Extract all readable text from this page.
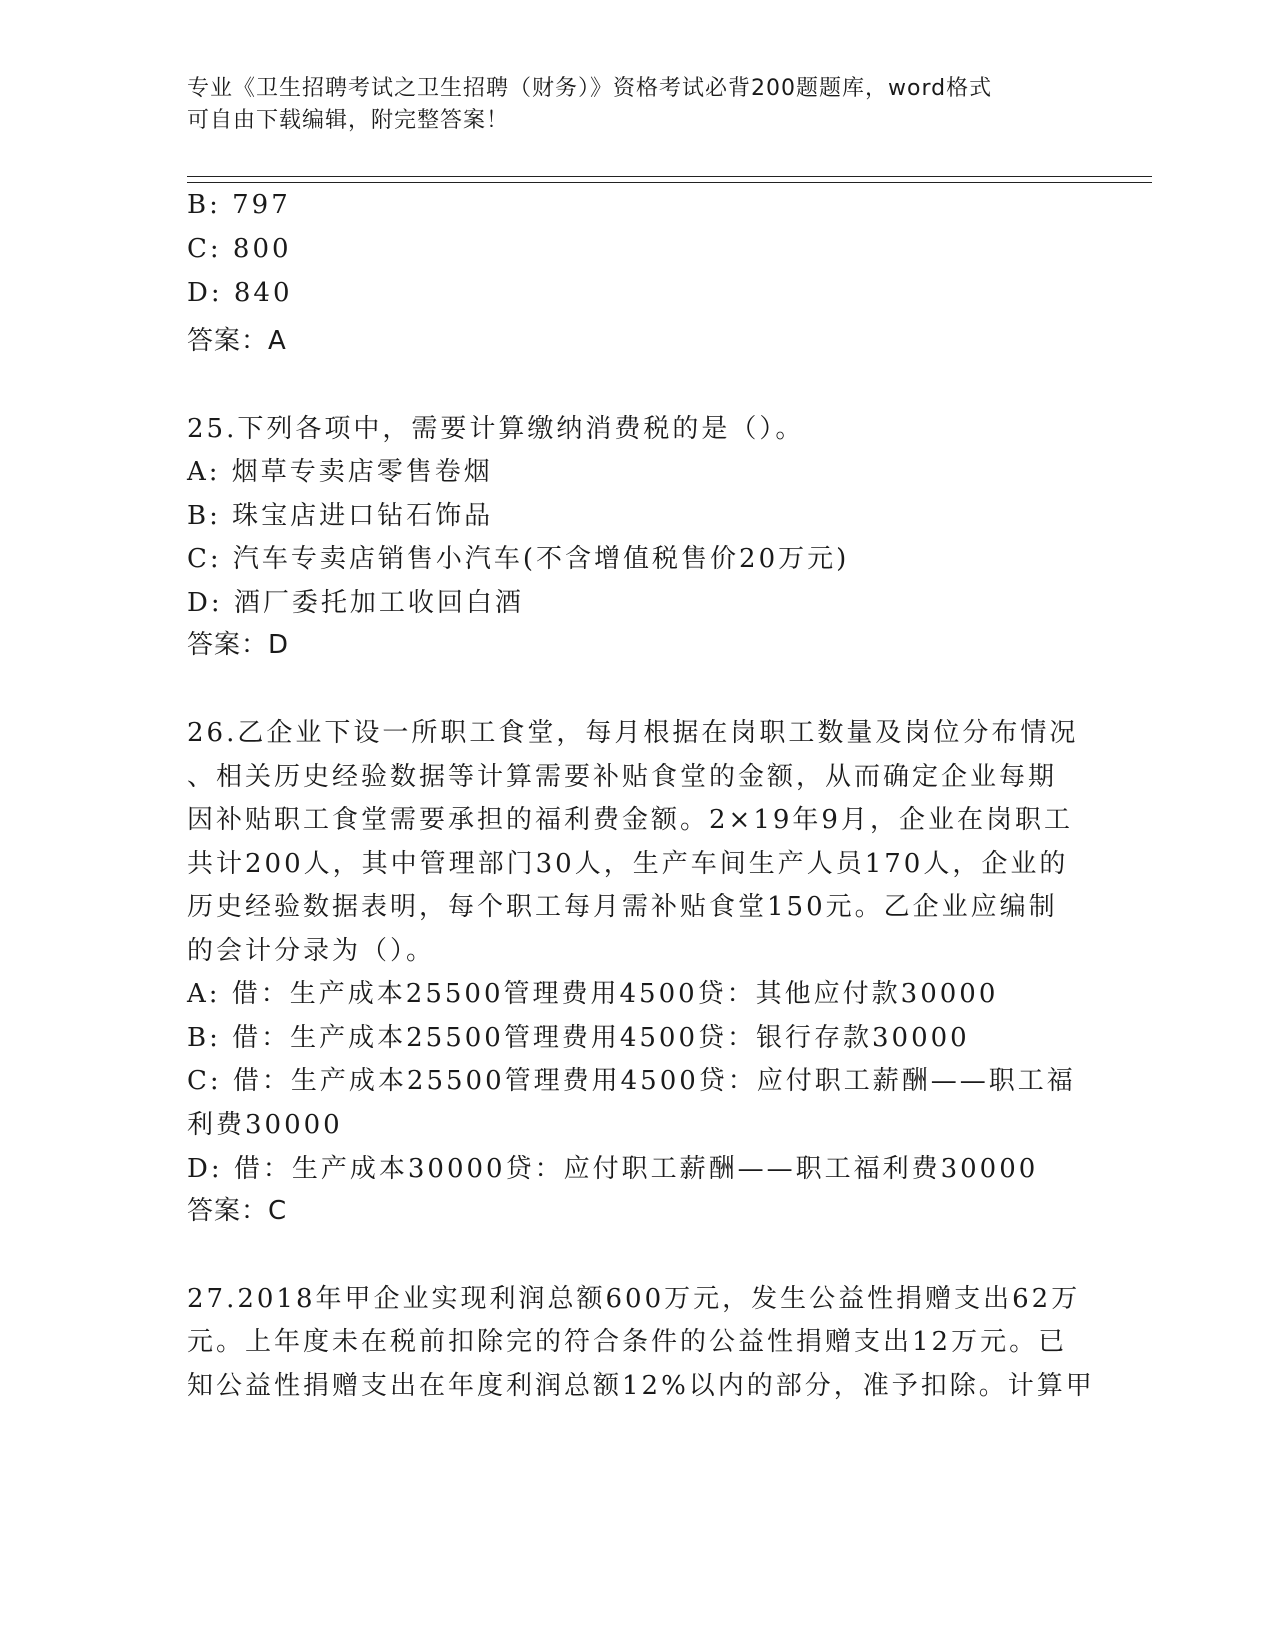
专业《卫生招聘考试之卫生招聘（财务）》资格考试必背200题题库，word格式
可自由下载编辑，附完整答案！
B: 797
C: 800
D: 840
答案：A
25.下列各项中，需要计算缴纳消费税的是（）。
A: 烟草专卖店零售卷烟
B: 珠宝店进口钻石饰品
C: 汽车专卖店销售小汽车(不含增值税售价20万元)
D: 酒厂委托加工收回白酒
答案：D
26.乙企业下设一所职工食堂，每月根据在岗职工数量及岗位分布情况
、相关历史经验数据等计算需要补贴食堂的金额，从而确定企业每期
因补贴职工食堂需要承担的福利费金额。2×19年9月，企业在岗职工
共计200人，其中管理部门30人，生产车间生产人员170人，企业的
历史经验数据表明，每个职工每月需补贴食堂150元。乙企业应编制
的会计分录为（）。
A: 借：生产成本25500管理费用4500贷：其他应付款30000
B: 借：生产成本25500管理费用4500贷：银行存款30000
C: 借：生产成本25500管理费用4500贷：应付职工薪酬——职工福
利费30000
D: 借：生产成本30000贷：应付职工薪酬——职工福利费30000
答案：C
27.2018年甲企业实现利润总额600万元，发生公益性捐赠支出62万
元。上年度未在税前扣除完的符合条件的公益性捐赠支出12万元。已
知公益性捐赠支出在年度利润总额12%以内的部分，准予扣除。计算甲
